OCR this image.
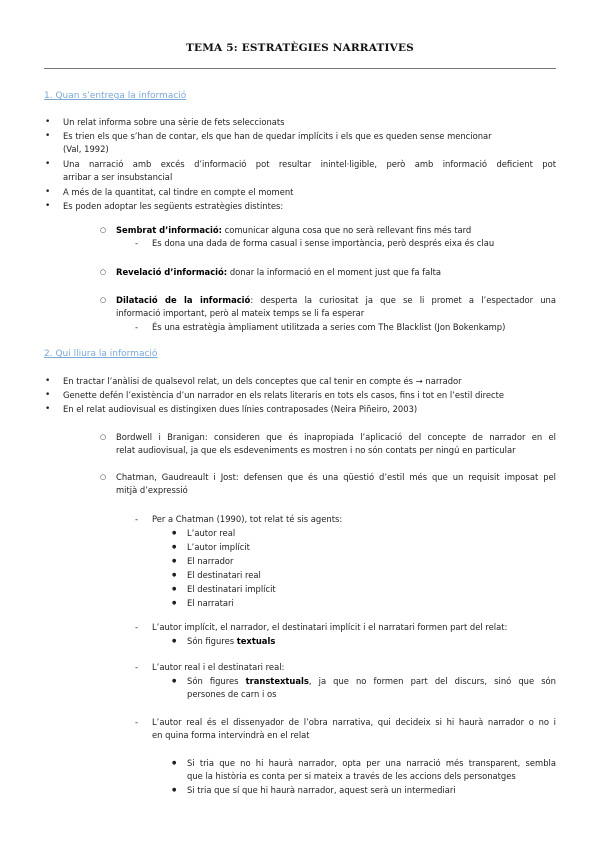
TEMA 5: ESTRATÈGIES NARRATIVES
1. Quan s’entrega la informació
• Un relat informa sobre una sèrie de fets seleccionats
• Es trien els que s’han de contar, els que han de quedar implícits i els que es queden sense mencionar
(Val, 1992)
• Una narració amb excés d’informació pot resultar inintel·ligible, però amb informació deficient pot
arribar a ser insubstancial
• A més de la quantitat, cal tindre en compte el moment
• Es poden adoptar les següents estratègies distintes:
○ Sembrat d’informació: comunicar alguna cosa que no serà rellevant fins més tard
- Es dona una dada de forma casual i sense importància, però després eixa és clau
○ Revelació d’informació: donar la informació en el moment just que fa falta
○ Dilatació de la informació: desperta la curiositat ja que se li promet a l’espectador una
informació important, però al mateix temps se li fa esperar
- És una estratègia àmpliament utilitzada a series com The Blacklist (Jon Bokenkamp)
2. Qui lliura la informació
• En tractar l’anàlisi de qualsevol relat, un dels conceptes que cal tenir en compte és → narrador
• Genette defén l’existència d’un narrador en els relats literaris en tots els casos, fins i tot en l’estil directe
• En el relat audiovisual es distingixen dues línies contraposades (Neira Piñeiro, 2003)
○ Bordwell i Branigan: consideren que és inapropiada l’aplicació del concepte de narrador en el
relat audiovisual, ja que els esdeveniments es mostren i no són contats per ningú en particular
○ Chatman, Gaudreault i Jost: defensen que és una qüestió d’estil més que un requisit imposat pel
mitjà d’expressió
- Per a Chatman (1990), tot relat té sis agents:
● L’autor real
● L’autor implícit
● El narrador
● El destinatari real
● El destinatari implícit
● El narratari
- L’autor implícit, el narrador, el destinatari implícit i el narratari formen part del relat:
● Són figures textuals
- L’autor real i el destinatari real:
● Són figures transtextuals, ja que no formen part del discurs, sinó que són
persones de carn i os
- L’autor real és el dissenyador de l’obra narrativa, qui decideix si hi haurà narrador o no i
en quina forma intervindrà en el relat
● Si tria que no hi haurà narrador, opta per una narració més transparent, sembla
que la història es conta per si mateix a través de les accions dels personatges
● Si tria que sí que hi haurà narrador, aquest serà un intermediari
